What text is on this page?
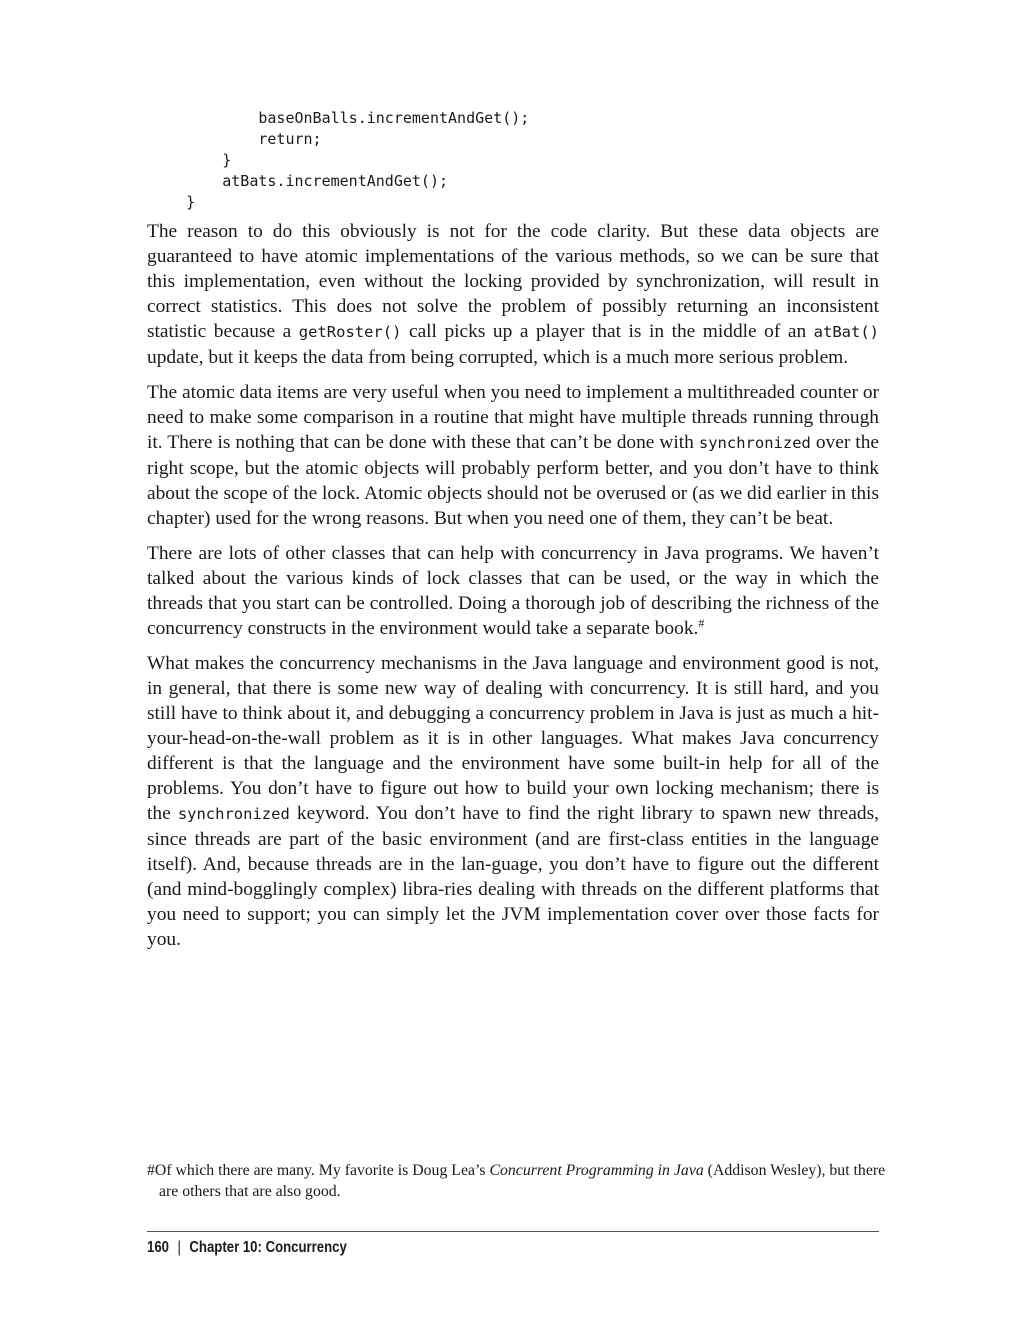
baseOnBalls.incrementAndGet();
return;
}
atBats.incrementAndGet();
}

The reason to do this obviously is not for the code clarity. But these data objects are guaranteed to have atomic implementations of the various methods, so we can be sure that this implementation, even without the locking provided by synchronization, will result in correct statistics. This does not solve the problem of possibly returning an inconsistent statistic because a getRoster() call picks up a player that is in the middle of an atBat() update, but it keeps the data from being corrupted, which is a much more serious problem.

The atomic data items are very useful when you need to implement a multithreaded counter or need to make some comparison in a routine that might have multiple threads running through it. There is nothing that can be done with these that can’t be done with synchronized over the right scope, but the atomic objects will probably perform better, and you don’t have to think about the scope of the lock. Atomic objects should not be overused or (as we did earlier in this chapter) used for the wrong reasons. But when you need one of them, they can’t be beat.

There are lots of other classes that can help with concurrency in Java programs. We haven’t talked about the various kinds of lock classes that can be used, or the way in which the threads that you start can be controlled. Doing a thorough job of describing the richness of the concurrency constructs in the environment would take a separate book.#

What makes the concurrency mechanisms in the Java language and environment good is not, in general, that there is some new way of dealing with concurrency. It is still hard, and you still have to think about it, and debugging a concurrency problem in Java is just as much a hit-your-head-on-the-wall problem as it is in other languages. What makes Java concurrency different is that the language and the environment have some built-in help for all of the problems. You don’t have to figure out how to build your own locking mechanism; there is the synchronized keyword. You don’t have to find the right library to spawn new threads, since threads are part of the basic environment (and are first-class entities in the language itself). And, because threads are in the lan-guage, you don’t have to figure out the different (and mind-bogglingly complex) libra-ries dealing with threads on the different platforms that you need to support; you can simply let the JVM implementation cover over those facts for you.

#Of which there are many. My favorite is Doug Lea’s Concurrent Programming in Java (Addison Wesley), but there are others that are also good.

160 | Chapter 10: Concurrency
